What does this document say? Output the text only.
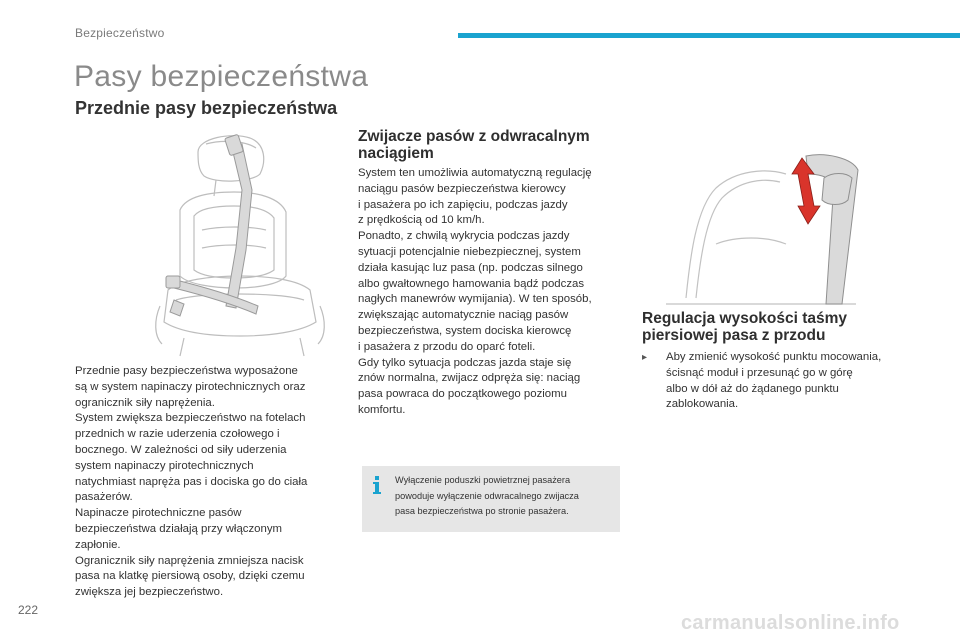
Bezpieczeństwo
Pasy bezpieczeństwa
Przednie pasy bezpieczeństwa

Przednie pasy bezpieczeństwa wyposażone
są w system napinaczy pirotechnicznych oraz
ogranicznik siły naprężenia.
System zwiększa bezpieczeństwo na fotelach
przednich w razie uderzenia czołowego i
bocznego. W zależności od siły uderzenia
system napinaczy pirotechnicznych
natychmiast napręża pas i dociska go do ciała
pasażerów.
Napinacze pirotechniczne pasów
bezpieczeństwa działają przy włączonym
zapłonie.
Ogranicznik siły naprężenia zmniejsza nacisk
pasa na klatkę piersiową osoby, dzięki czemu
zwiększa jej bezpieczeństwo.

Zwijacze pasów z odwracalnym
naciągiem

System ten umożliwia automatyczną regulację
naciągu pasów bezpieczeństwa kierowcy
i pasażera po ich zapięciu, podczas jazdy
z prędkością od 10 km/h.
Ponadto, z chwilą wykrycia podczas jazdy
sytuacji potencjalnie niebezpiecznej, system
działa kasując luz pasa (np. podczas silnego
albo gwałtownego hamowania bądź podczas
nagłych manewrów wymijania). W ten sposób,
zwiększając automatycznie naciąg pasów
bezpieczeństwa, system dociska kierowcę
i pasażera z przodu do oparć foteli.
Gdy tylko sytuacja podczas jazda staje się
znów normalna, zwijacz odpręża się: naciąg
pasa powraca do początkowego poziomu
komfortu.

Wyłączenie poduszki powietrznej pasażera
powoduje wyłączenie odwracalnego zwijacza
pasa bezpieczeństwa po stronie pasażera.
Regulacja wysokości taśmy
piersiowej pasa z przodu
▸ Aby zmienić wysokość punktu mocowania,
ścisnąć moduł i przesunąć go w górę
albo w dół aż do żądanego punktu
zablokowania.
222
carmanualsonline.info
